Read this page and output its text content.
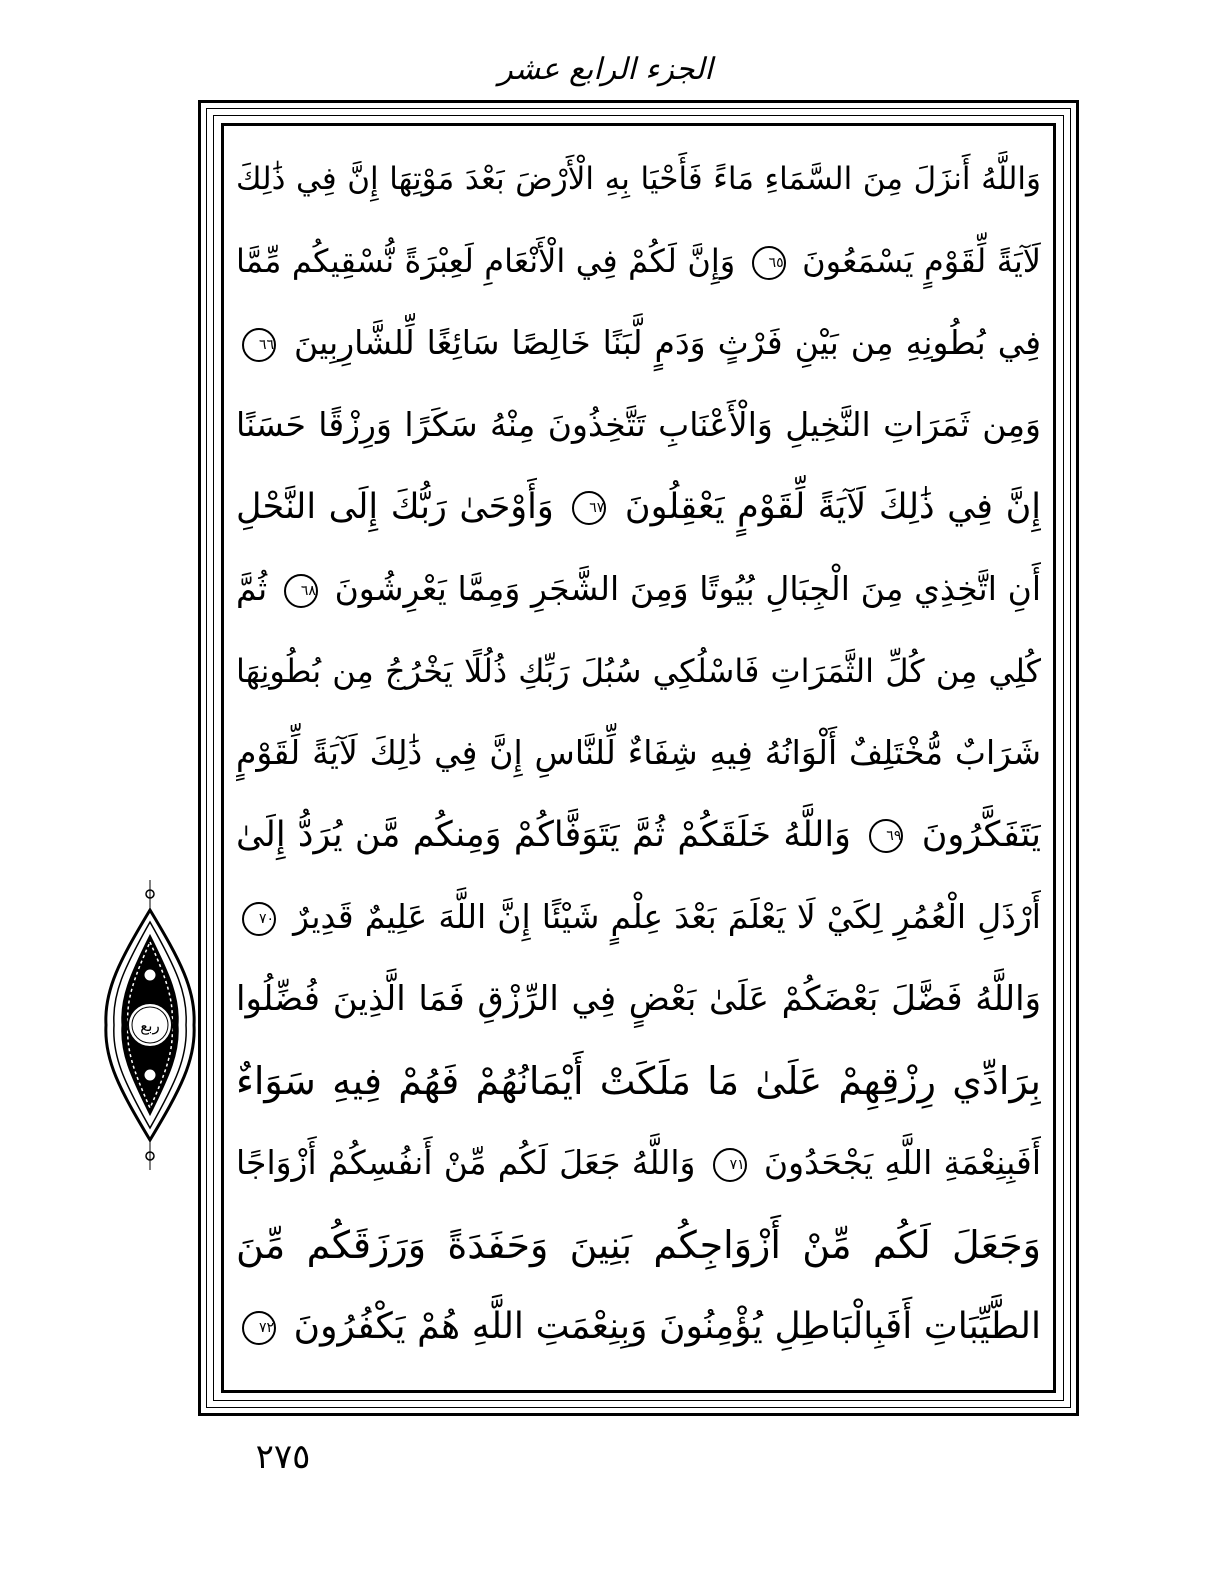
الجزء الرابع عشر
وَاللَّهُ أَنزَلَ مِنَ السَّمَاءِ مَاءً فَأَحْيَا بِهِ الْأَرْضَ بَعْدَ مَوْتِهَا إِنَّ فِي ذَٰلِكَ
لَآيَةً لِّقَوْمٍ يَسْمَعُونَ ٦٥ وَإِنَّ لَكُمْ فِي الْأَنْعَامِ لَعِبْرَةً نُّسْقِيكُم مِّمَّا
فِي بُطُونِهِ مِن بَيْنِ فَرْثٍ وَدَمٍ لَّبَنًا خَالِصًا سَائِغًا لِّلشَّارِبِينَ ٦٦
وَمِن ثَمَرَاتِ النَّخِيلِ وَالْأَعْنَابِ تَتَّخِذُونَ مِنْهُ سَكَرًا وَرِزْقًا حَسَنًا
إِنَّ فِي ذَٰلِكَ لَآيَةً لِّقَوْمٍ يَعْقِلُونَ ٦٧ وَأَوْحَىٰ رَبُّكَ إِلَى النَّحْلِ
أَنِ اتَّخِذِي مِنَ الْجِبَالِ بُيُوتًا وَمِنَ الشَّجَرِ وَمِمَّا يَعْرِشُونَ ٦٨ ثُمَّ
كُلِي مِن كُلِّ الثَّمَرَاتِ فَاسْلُكِي سُبُلَ رَبِّكِ ذُلُلًا يَخْرُجُ مِن بُطُونِهَا
شَرَابٌ مُّخْتَلِفٌ أَلْوَانُهُ فِيهِ شِفَاءٌ لِّلنَّاسِ إِنَّ فِي ذَٰلِكَ لَآيَةً لِّقَوْمٍ
يَتَفَكَّرُونَ ٦٩ وَاللَّهُ خَلَقَكُمْ ثُمَّ يَتَوَفَّاكُمْ وَمِنكُم مَّن يُرَدُّ إِلَىٰ
أَرْذَلِ الْعُمُرِ لِكَيْ لَا يَعْلَمَ بَعْدَ عِلْمٍ شَيْئًا إِنَّ اللَّهَ عَلِيمٌ قَدِيرٌ ٧٠
وَاللَّهُ فَضَّلَ بَعْضَكُمْ عَلَىٰ بَعْضٍ فِي الرِّزْقِ فَمَا الَّذِينَ فُضِّلُوا
بِرَادِّي رِزْقِهِمْ عَلَىٰ مَا مَلَكَتْ أَيْمَانُهُمْ فَهُمْ فِيهِ سَوَاءٌ
أَفَبِنِعْمَةِ اللَّهِ يَجْحَدُونَ ٧١ وَاللَّهُ جَعَلَ لَكُم مِّنْ أَنفُسِكُمْ أَزْوَاجًا
وَجَعَلَ لَكُم مِّنْ أَزْوَاجِكُم بَنِينَ وَحَفَدَةً وَرَزَقَكُم مِّنَ
الطَّيِّبَاتِ أَفَبِالْبَاطِلِ يُؤْمِنُونَ وَبِنِعْمَتِ اللَّهِ هُمْ يَكْفُرُونَ ٧٢
ربع
٢٧٥
